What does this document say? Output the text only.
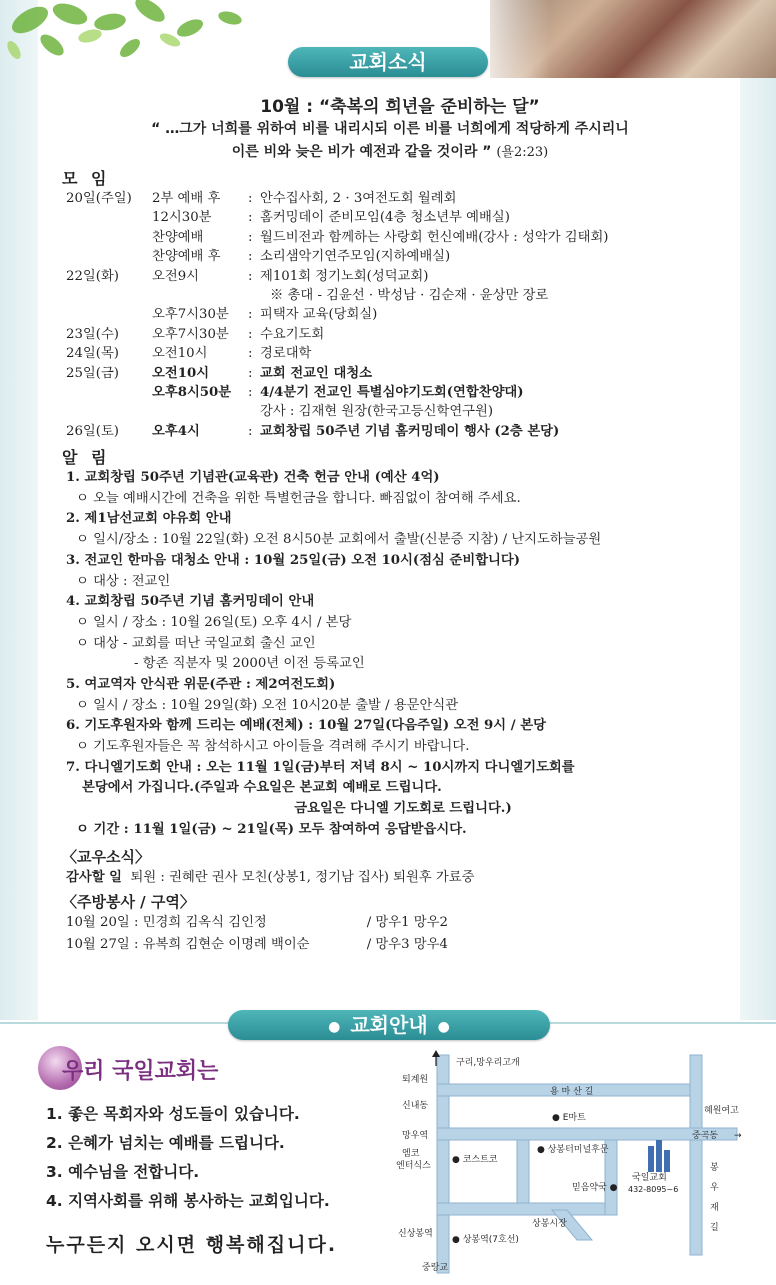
교회소식
10월 : “축복의 희년을 준비하는 달”
“ …그가 너희를 위하여 비를 내리시되 이른 비를 너희에게 적당하게 주시리니
이른 비와 늦은 비가 예전과 같을 것이라 ” (욜2:23)
모 임
20일(주일) 2부 예배 후 : 안수집사회, 2 · 3여전도회 월례회
12시30분	: 홈커밍데이 준비모임(4층 청소년부 예배실)
찬양예배	: 월드비전과 함께하는 사랑회 헌신예배(강사 : 성악가 김태회)
찬양예배 후 : 소리샘악기연주모임(지하예배실)
22일(화) 오전9시	: 제101회 정기노회(성덕교회)
※ 총대 - 김윤선 · 박성남 · 김순재 · 윤상만 장로
오후7시30분 : 피택자 교육(당회실)
23일(수) 오후7시30분 : 수요기도회
24일(목) 오전10시	: 경로대학
25일(금) 오전10시	: 교회 전교인 대청소
오후8시50분 : 4/4분기 전교인 특별심야기도회(연합찬양대)
강사 : 김재현 원장(한국고등신학연구원)
26일(토) 오후4시	: 교회창립 50주년 기념 홈커밍데이 행사 (2층 본당)
알 림
1. 교회창립 50주년 기념관(교육관) 건축 헌금 안내 (예산 4억)
ㅇ 오늘 예배시간에 건축을 위한 특별헌금을 합니다. 빠짐없이 참여해 주세요.
2. 제1남선교회 야유회 안내
ㅇ 일시/장소 : 10월 22일(화) 오전 8시50분 교회에서 출발(신분증 지참) / 난지도하늘공원
3. 전교인 한마음 대청소 안내 : 10월 25일(금) 오전 10시(점심 준비합니다)
ㅇ 대상 : 전교인
4. 교회창립 50주년 기념 홈커밍데이 안내
ㅇ 일시 / 장소 : 10월 26일(토) 오후 4시 / 본당
ㅇ 대상 - 교회를 떠난 국일교회 출신 교인
- 항존 직분자 및 2000년 이전 등록교인
5. 여교역자 안식관 위문(주관 : 제2여전도회)
ㅇ 일시 / 장소 : 10월 29일(화) 오전 10시20분 출발 / 용문안식관
6. 기도후원자와 함께 드리는 예배(전체) : 10월 27일(다음주일) 오전 9시 / 본당
ㅇ 기도후원자들은 꼭 참석하시고 아이들을 격려해 주시기 바랍니다.
7. 다니엘기도회 안내 : 오는 11월 1일(금)부터 저녁 8시 ~ 10시까지 다니엘기도회를
본당에서 가집니다.(주일과 수요일은 본교회 예배로 드립니다.
금요일은 다니엘 기도회로 드립니다.)
ㅇ 기간 : 11월 1일(금) ~ 21일(목) 모두 참여하여 응답받읍시다.
〈교우소식〉
감사할 일 퇴원 : 권혜란 권사 모친(상봉1, 정기남 집사) 퇴원후 가료중
〈주방봉사 / 구역〉
10월 20일 : 민경희 김옥식 김인정	/ 망우1 망우2
10월 27일 : 유복희 김현순 이명례 백이순	/ 망우3 망우4
● 교회안내 ●
우리 국일교회는
1. 좋은 목회자와 성도들이 있습니다.
2. 은혜가 넘치는 예배를 드립니다.
3. 예수님을 전합니다.
4. 지역사회를 위해 봉사하는 교회입니다.
누구든지 오시면 행복해집니다.
구리,망우리고개
퇴계원
용 마 산 길
신내동
● E마트
혜원여고
망우역	중곡동 →
엠코
엔터식스
● 코스트코
● 상봉터미널후문
국일교회
432-8095~6
믿음약국 ●
봉
우
재
길
상봉시장
신상봉역
● 상봉역(7호선)
중랑교
